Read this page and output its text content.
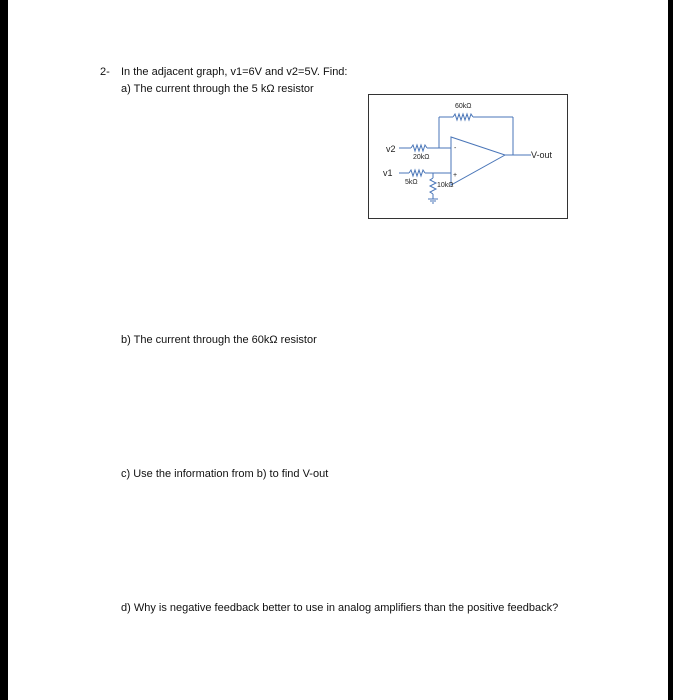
2- In the adjacent graph, v1=6V and v2=5V. Find:
a) The current through the 5 kΩ resistor
60kΩ
20kΩ
5kΩ	10kΩ
v2
v1
V-out
-
+
b) The current through the 60kΩ resistor
c) Use the information from b) to find V-out
d) Why is negative feedback better to use in analog amplifiers than the positive feedback?
